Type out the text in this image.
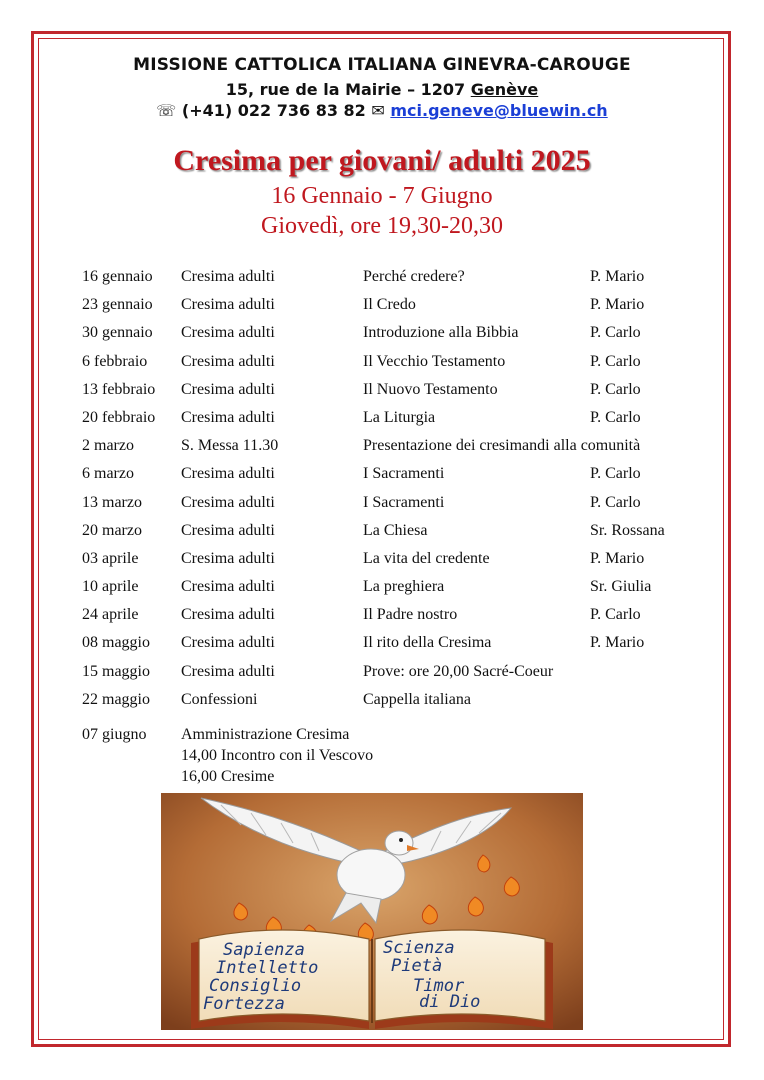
MISSIONE CATTOLICA ITALIANA GINEVRA-CAROUGE
15, rue de la Mairie – 1207 Genève
☏ (+41) 022 736 83 82 ✉ mci.geneve@bluewin.ch
Cresima per giovani/ adulti 2025
16 Gennaio - 7 Giugno
Giovedì, ore 19,30-20,30
16 gennaio Cresima adulti	Perché credere?	P. Mario
23 gennaio Cresima adulti	Il Credo	P. Mario
30 gennaio Cresima adulti	Introduzione alla Bibbia	P. Carlo
6 febbraio Cresima adulti	Il Vecchio Testamento	P. Carlo
13 febbraio Cresima adulti	Il Nuovo Testamento	P. Carlo
20 febbraio Cresima adulti	La Liturgia	P. Carlo
2 marzo	S. Messa 11.30	Presentazione dei cresimandi alla comunità
6 marzo	Cresima adulti	I Sacramenti	P. Carlo
13 marzo Cresima adulti	I Sacramenti	P. Carlo
20 marzo Cresima adulti	La Chiesa	Sr. Rossana
03 aprile	Cresima adulti	La vita del credente	P. Mario
10 aprile	Cresima adulti	La preghiera	Sr. Giulia
24 aprile	Cresima adulti	Il Padre nostro	P. Carlo
08 maggio Cresima adulti	Il rito della Cresima	P. Mario
15 maggio Cresima adulti	Prove: ore 20,00 Sacré-Coeur
22 maggio Confessioni	Cappella italiana
07 giugno Amministrazione Cresima
14,00 Incontro con il Vescovo
16,00 Cresime
Sapienza
Intelletto
Consiglio
Fortezza
Scienza
Pietà
Timor
di Dio
